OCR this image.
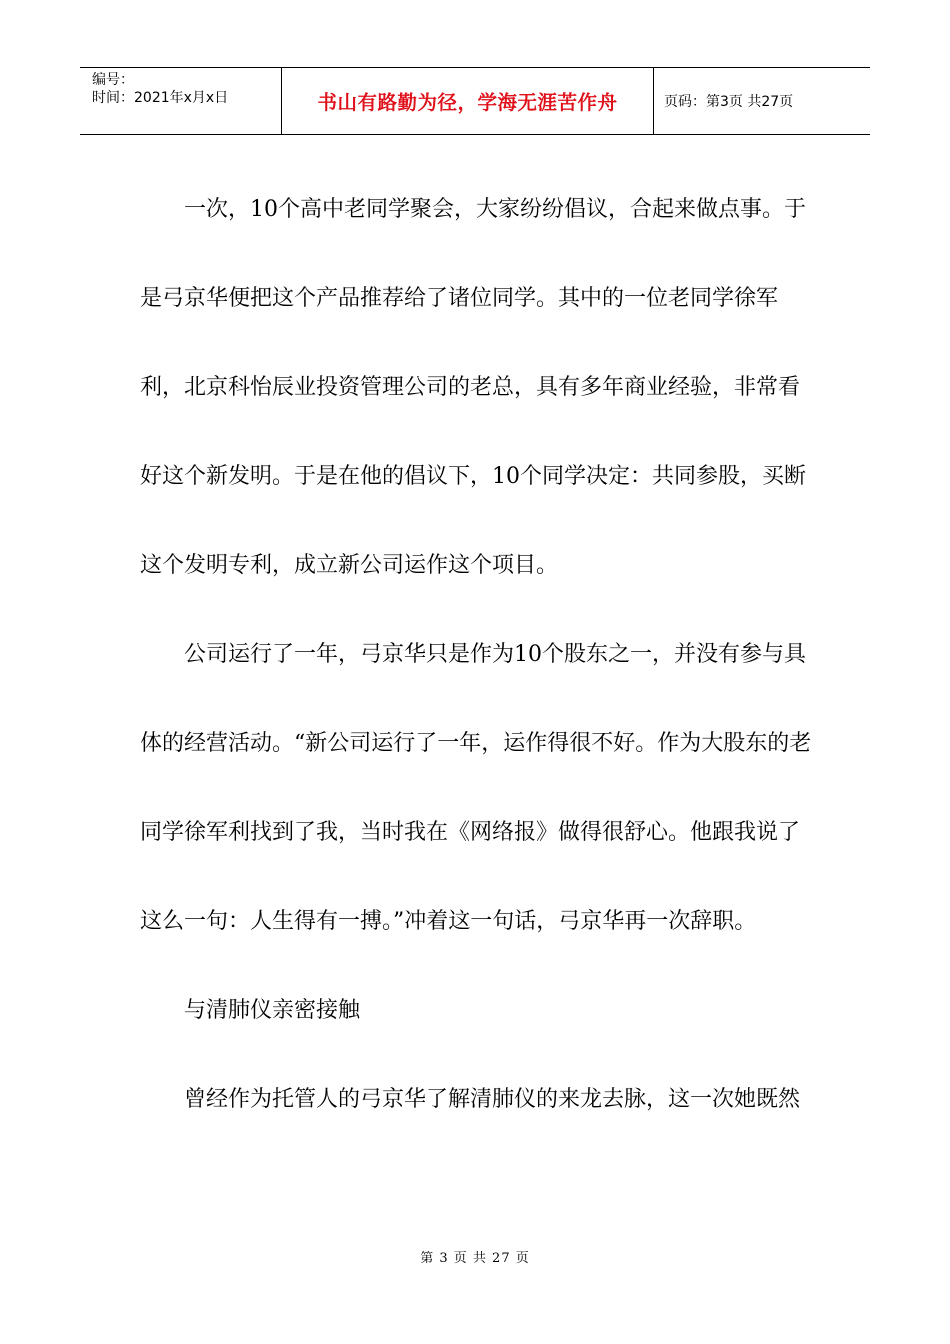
编号：
时间：2021年x月x日	书山有路勤为径，学海无涯苦作舟	页码：第3页 共27页

一次，10个高中老同学聚会，大家纷纷倡议，合起来做点事。于是弓京华便把这个产品推荐给了诸位同学。其中的一位老同学徐军利，北京科怡辰业投资管理公司的老总，具有多年商业经验，非常看好这个新发明。于是在他的倡议下，10个同学决定：共同参股，买断这个发明专利，成立新公司运作这个项目。

公司运行了一年，弓京华只是作为10个股东之一，并没有参与具体的经营活动。“新公司运行了一年，运作得很不好。作为大股东的老同学徐军利找到了我，当时我在《网络报》做得很舒心。他跟我说了这么一句：人生得有一搏。”冲着这一句话，弓京华再一次辞职。

与清肺仪亲密接触

曾经作为托管人的弓京华了解清肺仪的来龙去脉，这一次她既然

第 3 页 共 27 页
